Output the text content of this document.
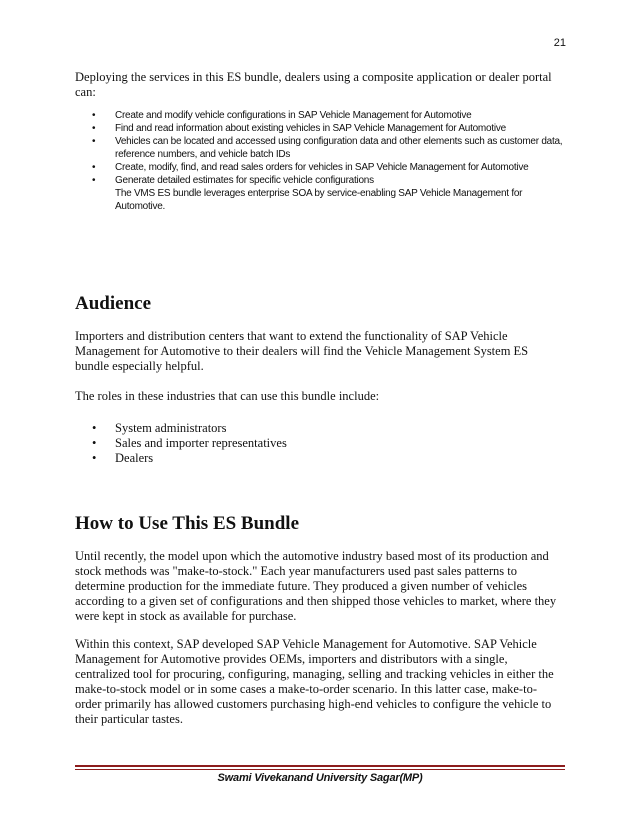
21
Deploying the services in this ES bundle, dealers using a composite application or dealer portal can:
• Create and modify vehicle configurations in SAP Vehicle Management for Automotive
• Find and read information about existing vehicles in SAP Vehicle Management for Automotive
• Vehicles can be located and accessed using configuration data and other elements such as customer data, reference numbers, and vehicle batch IDs
• Create, modify, find, and read sales orders for vehicles in SAP Vehicle Management for Automotive
• Generate detailed estimates for specific vehicle configurations
The VMS ES bundle leverages enterprise SOA by service-enabling SAP Vehicle Management for Automotive.
Audience
Importers and distribution centers that want to extend the functionality of SAP Vehicle Management for Automotive to their dealers will find the Vehicle Management System ES bundle especially helpful.
The roles in these industries that can use this bundle include:
• System administrators
• Sales and importer representatives
• Dealers
How to Use This ES Bundle
Until recently, the model upon which the automotive industry based most of its production and stock methods was "make-to-stock." Each year manufacturers used past sales patterns to determine production for the immediate future. They produced a given number of vehicles according to a given set of configurations and then shipped those vehicles to market, where they were kept in stock as available for purchase.
Within this context, SAP developed SAP Vehicle Management for Automotive. SAP Vehicle Management for Automotive provides OEMs, importers and distributors with a single, centralized tool for procuring, configuring, managing, selling and tracking vehicles in either the make-to-stock model or in some cases a make-to-order scenario. In this latter case, make-to-order primarily has allowed customers purchasing high-end vehicles to configure the vehicle to their particular tastes.
Swami Vivekanand University Sagar(MP)
